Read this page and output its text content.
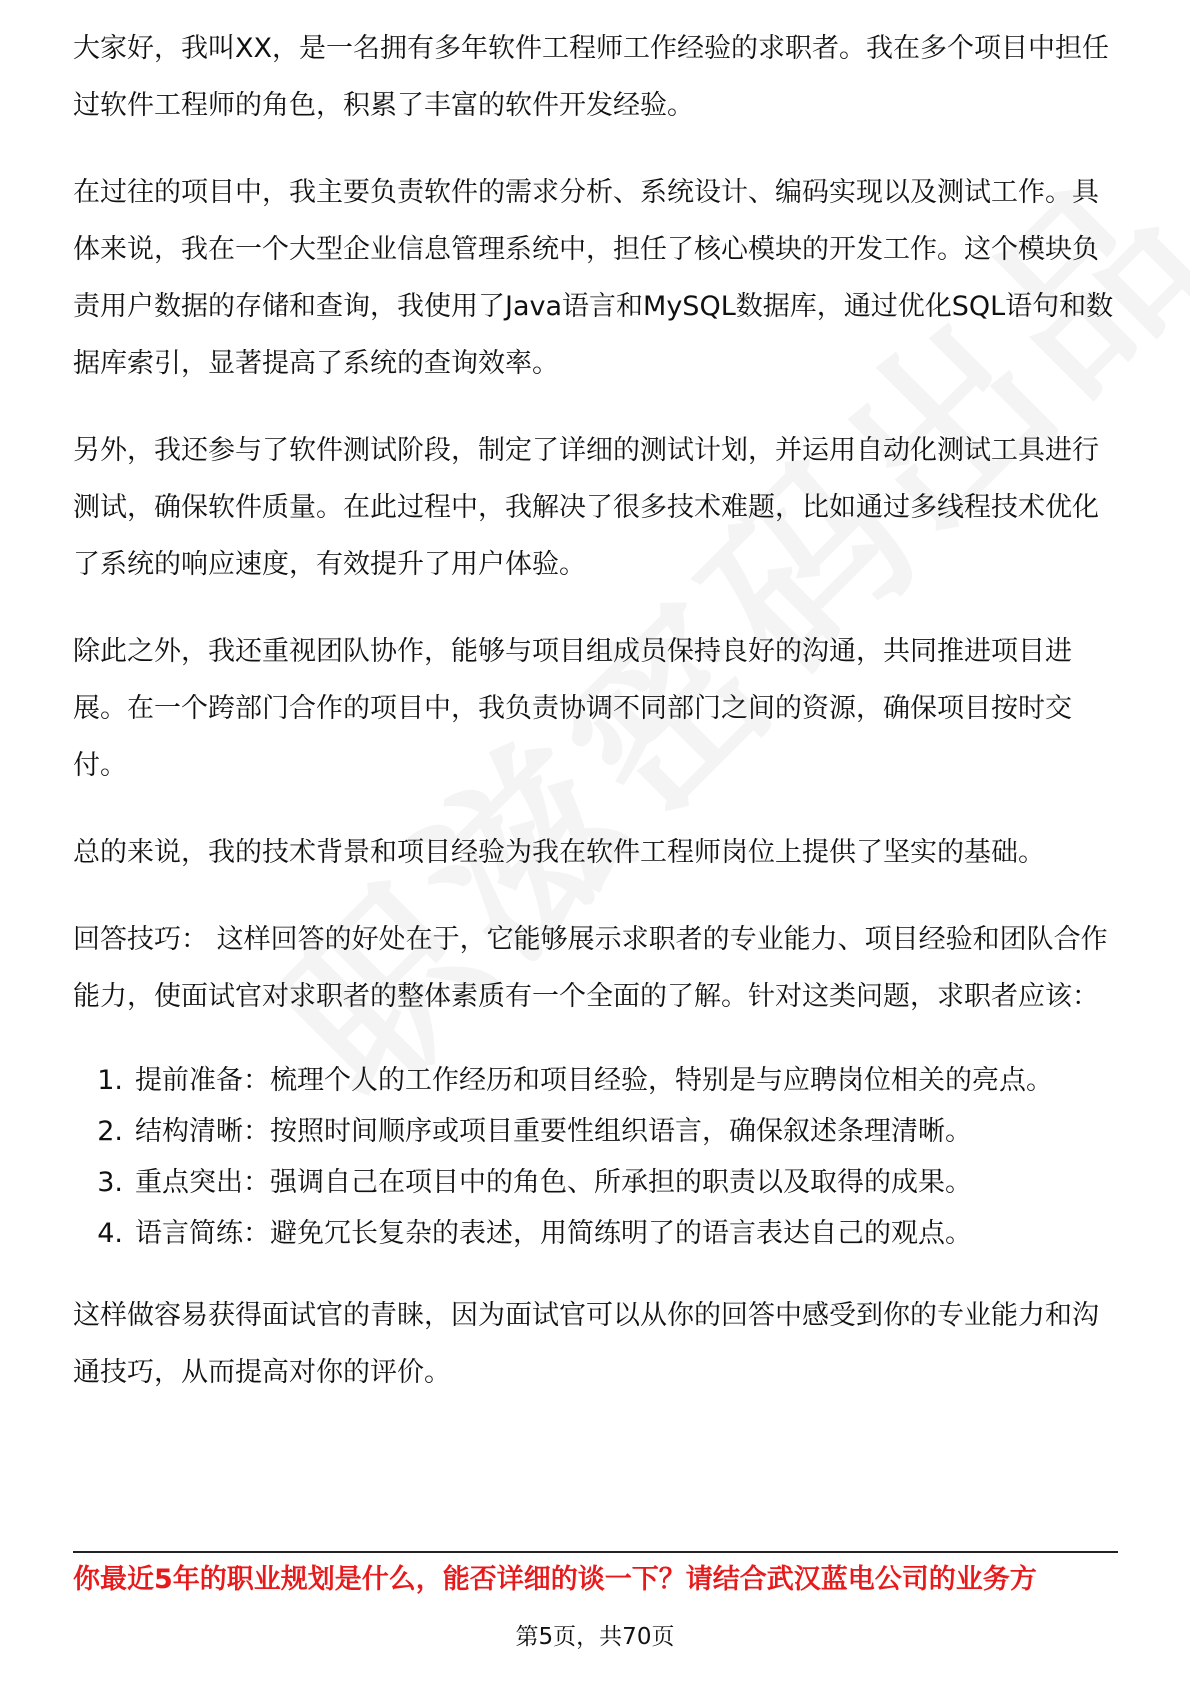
大家好，我叫XX，是一名拥有多年软件工程师工作经验的求职者。我在多个项目中担任过软件工程师的角色，积累了丰富的软件开发经验。

在过往的项目中，我主要负责软件的需求分析、系统设计、编码实现以及测试工作。具体来说，我在一个大型企业信息管理系统中，担任了核心模块的开发工作。这个模块负责用户数据的存储和查询，我使用了Java语言和MySQL数据库，通过优化SQL语句和数据库索引，显著提高了系统的查询效率。

另外，我还参与了软件测试阶段，制定了详细的测试计划，并运用自动化测试工具进行测试，确保软件质量。在此过程中，我解决了很多技术难题，比如通过多线程技术优化了系统的响应速度，有效提升了用户体验。

除此之外，我还重视团队协作，能够与项目组成员保持良好的沟通，共同推进项目进展。在一个跨部门合作的项目中，我负责协调不同部门之间的资源，确保项目按时交付。

总的来说，我的技术背景和项目经验为我在软件工程师岗位上提供了坚实的基础。

回答技巧： 这样回答的好处在于，它能够展示求职者的专业能力、项目经验和团队合作能力，使面试官对求职者的整体素质有一个全面的了解。针对这类问题，求职者应该：

1. 提前准备： 梳理个人的工作经历和项目经验，特别是与应聘岗位相关的亮点。
2. 结构清晰： 按照时间顺序或项目重要性组织语言，确保叙述条理清晰。
3. 重点突出： 强调自己在项目中的角色、所承担的职责以及取得的成果。
4. 语言简练： 避免冗长复杂的表述，用简练明了的语言表达自己的观点。

这样做容易获得面试官的青睐，因为面试官可以从你的回答中感受到你的专业能力和沟通技巧，从而提高对你的评价。

你最近5年的职业规划是什么，能否详细的谈一下？请结合武汉蓝电公司的业务方
第5页，共70页
